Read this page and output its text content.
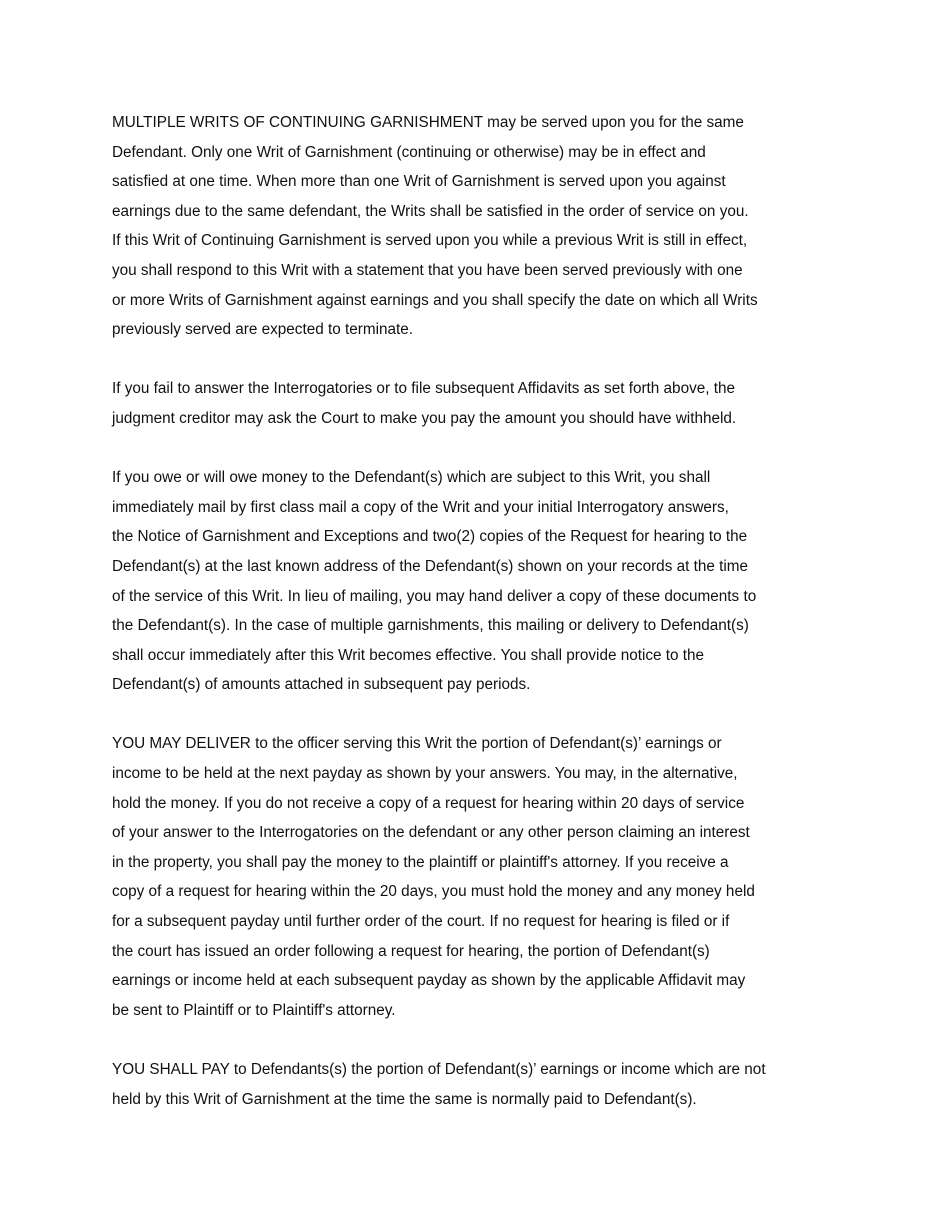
MULTIPLE WRITS OF CONTINUING GARNISHMENT may be served upon you for the same
Defendant. Only one Writ of Garnishment (continuing or otherwise) may be in effect and
satisfied at one time. When more than one Writ of Garnishment is served upon you against
earnings due to the same defendant, the Writs shall be satisfied in the order of service on you.
If this Writ of Continuing Garnishment is served upon you while a previous Writ is still in effect,
you shall respond to this Writ with a statement that you have been served previously with one
or more Writs of Garnishment against earnings and you shall specify the date on which all Writs
previously served are expected to terminate.

If you fail to answer the Interrogatories or to file subsequent Affidavits as set forth above, the
judgment creditor may ask the Court to make you pay the amount you should have withheld.

If you owe or will owe money to the Defendant(s) which are subject to this Writ, you shall
immediately mail by first class mail a copy of the Writ and your initial Interrogatory answers,
the Notice of Garnishment and Exceptions and two(2) copies of the Request for hearing to the
Defendant(s) at the last known address of the Defendant(s) shown on your records at the time
of the service of this Writ. In lieu of mailing, you may hand deliver a copy of these documents to
the Defendant(s). In the case of multiple garnishments, this mailing or delivery to Defendant(s)
shall occur immediately after this Writ becomes effective. You shall provide notice to the
Defendant(s) of amounts attached in subsequent pay periods.

YOU MAY DELIVER to the officer serving this Writ the portion of Defendant(s)’ earnings or
income to be held at the next payday as shown by your answers. You may, in the alternative,
hold the money. If you do not receive a copy of a request for hearing within 20 days of service
of your answer to the Interrogatories on the defendant or any other person claiming an interest
in the property, you shall pay the money to the plaintiff or plaintiff's attorney. If you receive a
copy of a request for hearing within the 20 days, you must hold the money and any money held
for a subsequent payday until further order of the court. If no request for hearing is filed or if
the court has issued an order following a request for hearing, the portion of Defendant(s)
earnings or income held at each subsequent payday as shown by the applicable Affidavit may
be sent to Plaintiff or to Plaintiff's attorney.

YOU SHALL PAY to Defendants(s) the portion of Defendant(s)’ earnings or income which are not
held by this Writ of Garnishment at the time the same is normally paid to Defendant(s).
